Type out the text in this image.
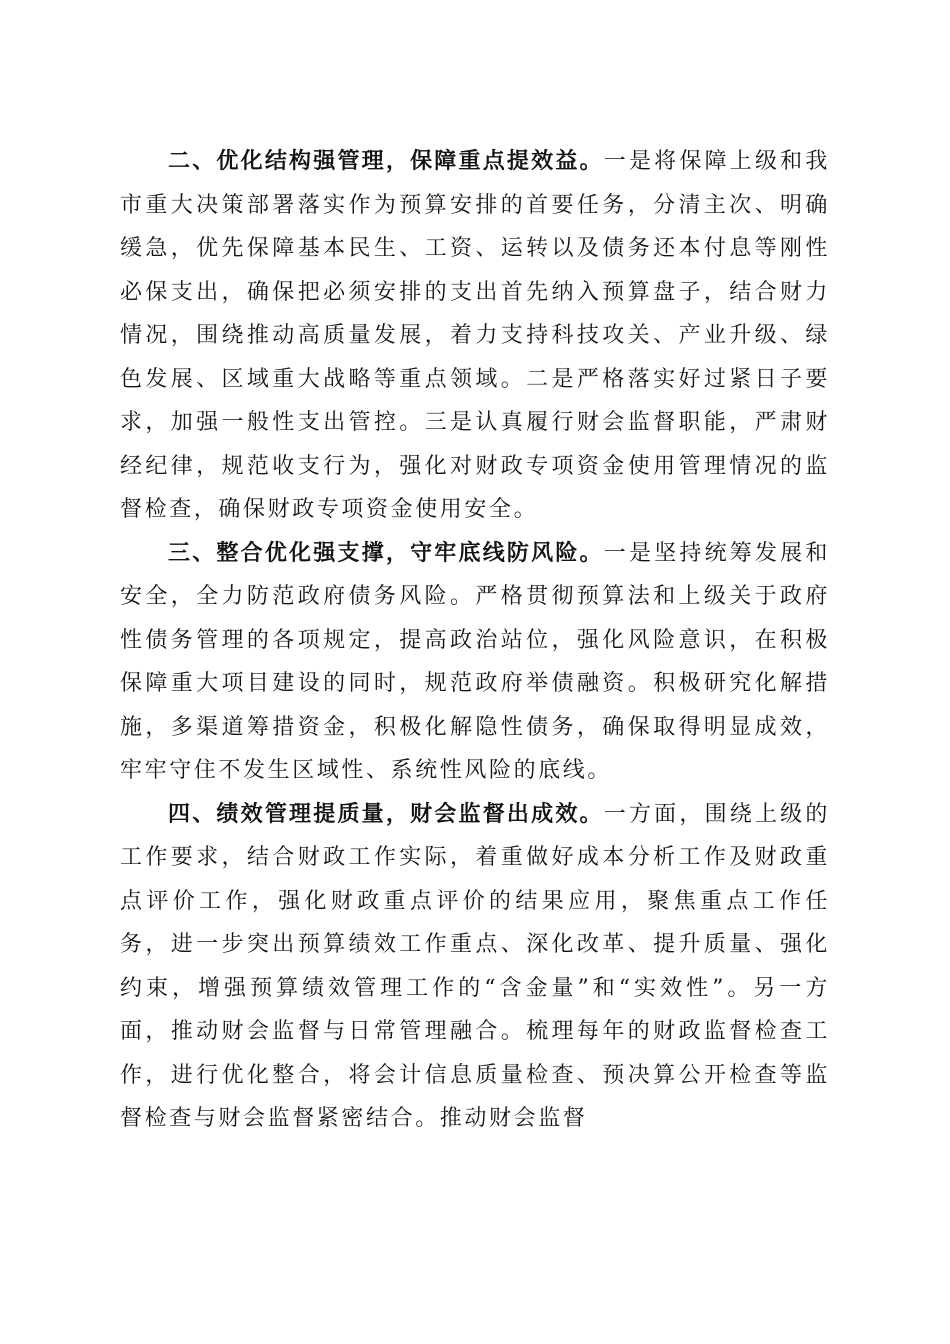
二、优化结构强管理，保障重点提效益。一是将保障上级和我市重大决策部署落实作为预算安排的首要任务，分清主次、明确缓急，优先保障基本民生、工资、运转以及债务还本付息等刚性必保支出，确保把必须安排的支出首先纳入预算盘子，结合财力情况，围绕推动高质量发展，着力支持科技攻关、产业升级、绿色发展、区域重大战略等重点领域。二是严格落实好过紧日子要求，加强一般性支出管控。三是认真履行财会监督职能，严肃财经纪律，规范收支行为，强化对财政专项资金使用管理情况的监督检查，确保财政专项资金使用安全。

三、整合优化强支撑，守牢底线防风险。一是坚持统筹发展和安全，全力防范政府债务风险。严格贯彻预算法和上级关于政府性债务管理的各项规定，提高政治站位，强化风险意识，在积极保障重大项目建设的同时，规范政府举债融资。积极研究化解措施，多渠道筹措资金，积极化解隐性债务，确保取得明显成效，牢牢守住不发生区域性、系统性风险的底线。

四、绩效管理提质量，财会监督出成效。一方面，围绕上级的工作要求，结合财政工作实际，着重做好成本分析工作及财政重点评价工作，强化财政重点评价的结果应用，聚焦重点工作任务，进一步突出预算绩效工作重点、深化改革、提升质量、强化约束，增强预算绩效管理工作的“含金量”和“实效性”。另一方面，推动财会监督与日常管理融合。梳理每年的财政监督检查工作，进行优化整合，将会计信息质量检查、预决算公开检查等监督检查与财会监督紧密结合。推动财会监督
